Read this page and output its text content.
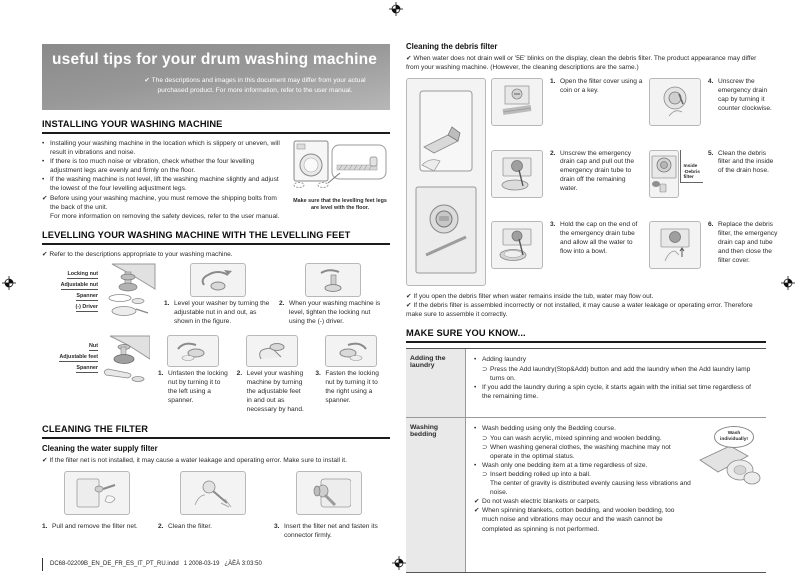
useful tips for your drum washing machine
✔ The descriptions and images in this document may differ from your actual purchased product. For more information, refer to the user manual.
INSTALLING YOUR WASHING MACHINE
• Installing your washing machine in the location which is slippery or uneven, will result in vibrations and noise.
• If there is too much noise or vibration, check whether the four levelling adjustment legs are evenly and firmly on the floor.
• If the washing machine is not level, lift the washing machine slightly and adjust the lowest of the four levelling adjustment legs.
✔ Before using your washing machine, you must remove the shipping bolts from the back of the unit.
For more information on removing the safety devices, refer to the user manual.
Make sure that the levelling feet legs are level with the floor.
LEVELLING YOUR WASHING MACHINE WITH THE LEVELLING FEET
✔ Refer to the descriptions appropriate to your washing machine.
Locking nut
Adjustable nut
Spanner
(-) Driver	1. Level your washer by turning the adjustable nut in and out, as shown in the figure.
2. When your washing machine is level, tighten the locking nut using the (-) driver.
Nut
Adjustable feet
Spanner
1. Unfasten the locking nut by turning it to the left using a spanner.
2. Level your washing machine by turning the adjustable feet in and out as necessary by hand.
3. Fasten the locking nut by turning it to the right using a spanner.
CLEANING THE FILTER
Cleaning the water supply filter
✔ If the filter net is not installed, it may cause a water leakage and operating error. Make sure to install it.
1. Pull and remove the filter net.	2. Clean the filter.	3. Insert the filter net and fasten its connector firmly.
Cleaning the debris filter
✔ When water does not drain well or '5E' blinks on the display, clean the debris filter. The product appearance may differ from your washing machine. (However, the cleaning descriptions are the same.)
1. Open the filter cover using a coin or a key.
4. Unscrew the emergency drain cap by turning it counter clockwise.
2. Unscrew the emergency drain cap and pull out the emergency drain tube to drain off the remaining water.
Inside ·Debris filter
5. Clean the debris filter and the inside of the drain hose.
3. Hold the cap on the end of the emergency drain tube and allow all the water to flow into a bowl.
6. Replace the debris filter, the emergency drain cap and tube and then close the filter cover.
✔ If you open the debris filter when water remains inside the tub, water may flow out.
✔ If the debris filter is assembled incorrectly or not installed, it may cause a water leakage or operating error. Therefore make sure to assemble it correctly.
MAKE SURE YOU KNOW...
Adding the laundry
• Adding laundry
⊃ Press the Add laundry(Stop&Add) button and add the laundry when the Add laundry lamp turns on.
• If you add the laundry during a spin cycle, it starts again with the initial set time regardless of the remaining time.
Washing bedding
• Wash bedding using only the Bedding course.
⊃ You can wash acrylic, mixed spinning and woolen bedding.
⊃ When washing general clothes, the washing machine may not operate in the optimal status.
• Wash only one bedding item at a time regardless of size.
⊃ Insert bedding rolled up into a ball.
The center of gravity is distributed evenly causing less vibrations and noise.
✔ Do not wash electric blankets or carpets.
✔ When spinning blankets, cotton bedding, and woolen bedding, too much noise and vibrations may occur and the wash cannot be completed as spinning is not performed.
Wash individually!
DC68-02209B_EN_DE_FR_ES_IT_PT_RU.indd   1 2008-03-19   ¿ÀÈÄ 3:03:50
